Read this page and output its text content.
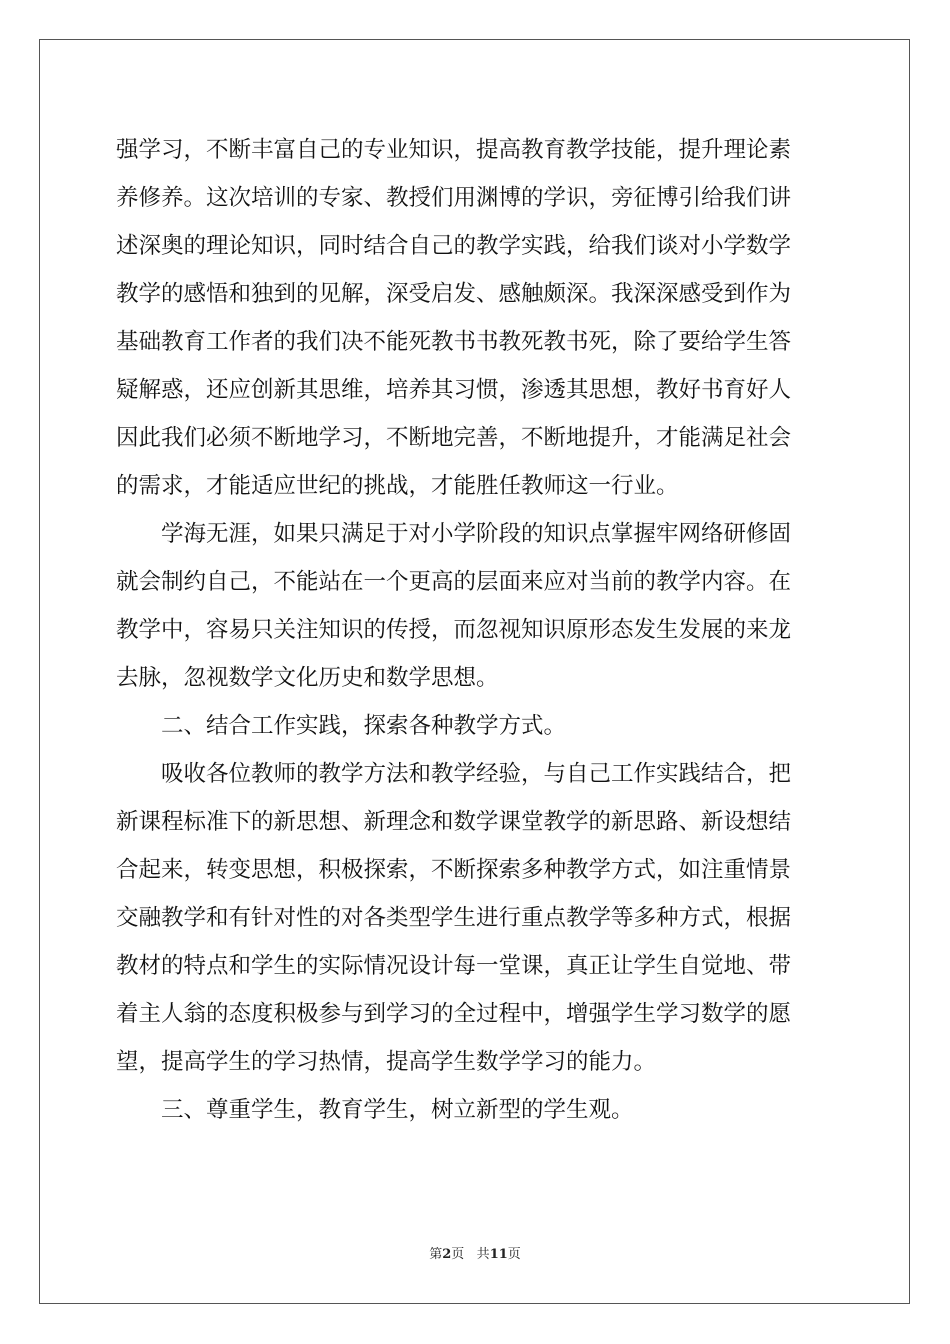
强学习，不断丰富自己的专业知识，提高教育教学技能，提升理论素
养修养。这次培训的专家、教授们用渊博的学识，旁征博引给我们讲
述深奥的理论知识，同时结合自己的教学实践，给我们谈对小学数学
教学的感悟和独到的见解，深受启发、感触颇深。我深深感受到作为
基础教育工作者的我们决不能死教书书教死教书死，除了要给学生答
疑解惑，还应创新其思维，培养其习惯，渗透其思想，教好书育好人
因此我们必须不断地学习，不断地完善，不断地提升，才能满足社会
的需求，才能适应世纪的挑战，才能胜任教师这一行业。
　　学海无涯，如果只满足于对小学阶段的知识点掌握牢网络研修固
就会制约自己，不能站在一个更高的层面来应对当前的教学内容。在
教学中，容易只关注知识的传授，而忽视知识原形态发生发展的来龙
去脉，忽视数学文化历史和数学思想。
　　二、结合工作实践，探索各种教学方式。
　　吸收各位教师的教学方法和教学经验，与自己工作实践结合，把
新课程标准下的新思想、新理念和数学课堂教学的新思路、新设想结
合起来，转变思想，积极探索，不断探索多种教学方式，如注重情景
交融教学和有针对性的对各类型学生进行重点教学等多种方式，根据
教材的特点和学生的实际情况设计每一堂课，真正让学生自觉地、带
着主人翁的态度积极参与到学习的全过程中，增强学生学习数学的愿
望，提高学生的学习热情，提高学生数学学习的能力。
　　三、尊重学生，教育学生，树立新型的学生观。
第2页 共11页
